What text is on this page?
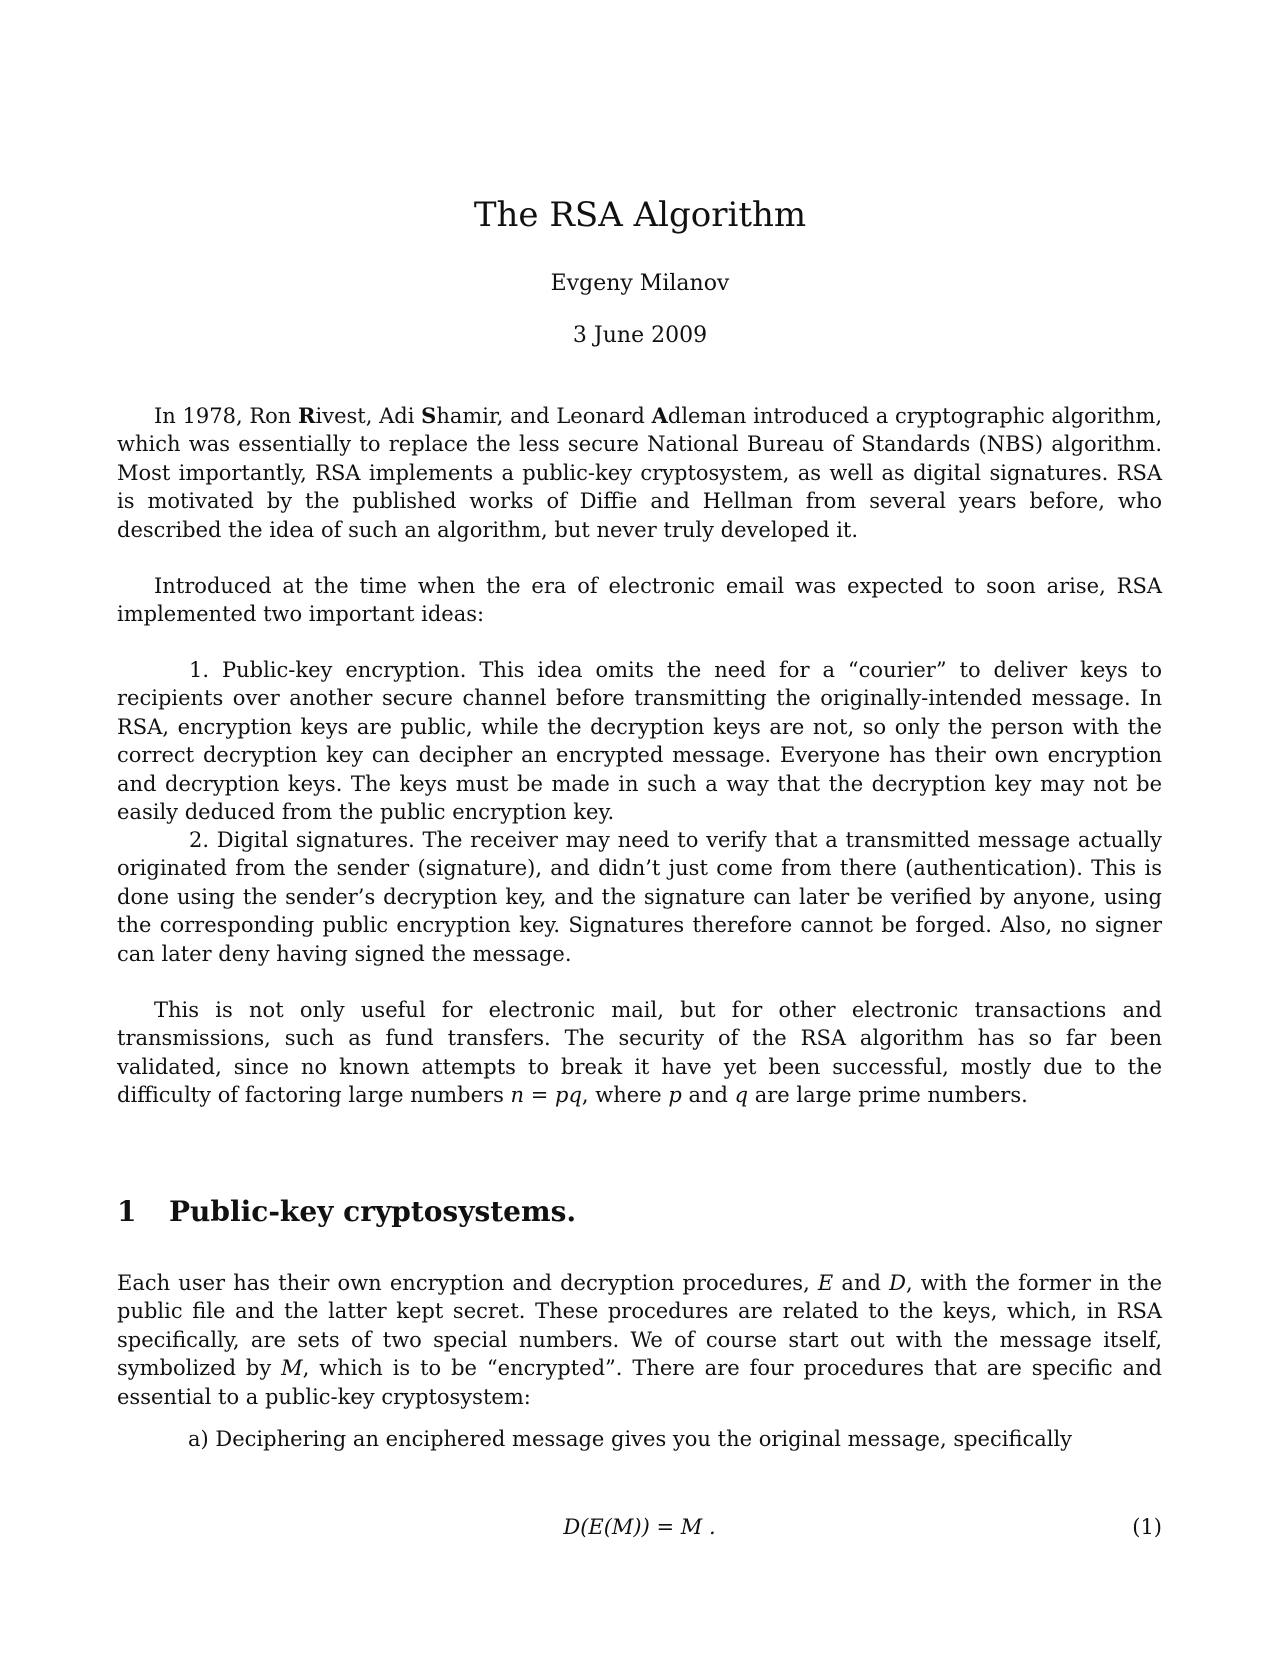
The RSA Algorithm
Evgeny Milanov
3 June 2009

In 1978, Ron Rivest, Adi Shamir, and Leonard Adleman introduced a cryptographic algorithm, which was essentially to replace the less secure National Bureau of Standards (NBS) algorithm. Most importantly, RSA implements a public-key cryptosystem, as well as digital signatures. RSA is motivated by the published works of Diffie and Hellman from several years before, who described the idea of such an algorithm, but never truly developed it.

Introduced at the time when the era of electronic email was expected to soon arise, RSA implemented two important ideas:

1. Public-key encryption. This idea omits the need for a “courier” to deliver keys to recipients over another secure channel before transmitting the originally-intended message. In RSA, encryption keys are public, while the decryption keys are not, so only the person with the correct decryption key can decipher an encrypted message. Everyone has their own encryption and decryption keys. The keys must be made in such a way that the decryption key may not be easily deduced from the public encryption key.

2. Digital signatures. The receiver may need to verify that a transmitted message actually originated from the sender (signature), and didn’t just come from there (authentication). This is done using the sender’s decryption key, and the signature can later be verified by anyone, using the corresponding public encryption key. Signatures therefore cannot be forged. Also, no signer can later deny having signed the message.

This is not only useful for electronic mail, but for other electronic transactions and transmissions, such as fund transfers. The security of the RSA algorithm has so far been validated, since no known attempts to break it have yet been successful, mostly due to the difficulty of factoring large numbers n = pq, where p and q are large prime numbers.

1 Public-key cryptosystems.

Each user has their own encryption and decryption procedures, E and D, with the former in the public file and the latter kept secret. These procedures are related to the keys, which, in RSA specifically, are sets of two special numbers. We of course start out with the message itself, symbolized by M, which is to be “encrypted”. There are four procedures that are specific and essential to a public-key cryptosystem:

a) Deciphering an enciphered message gives you the original message, specifically
D(E(M)) = M .	(1)
